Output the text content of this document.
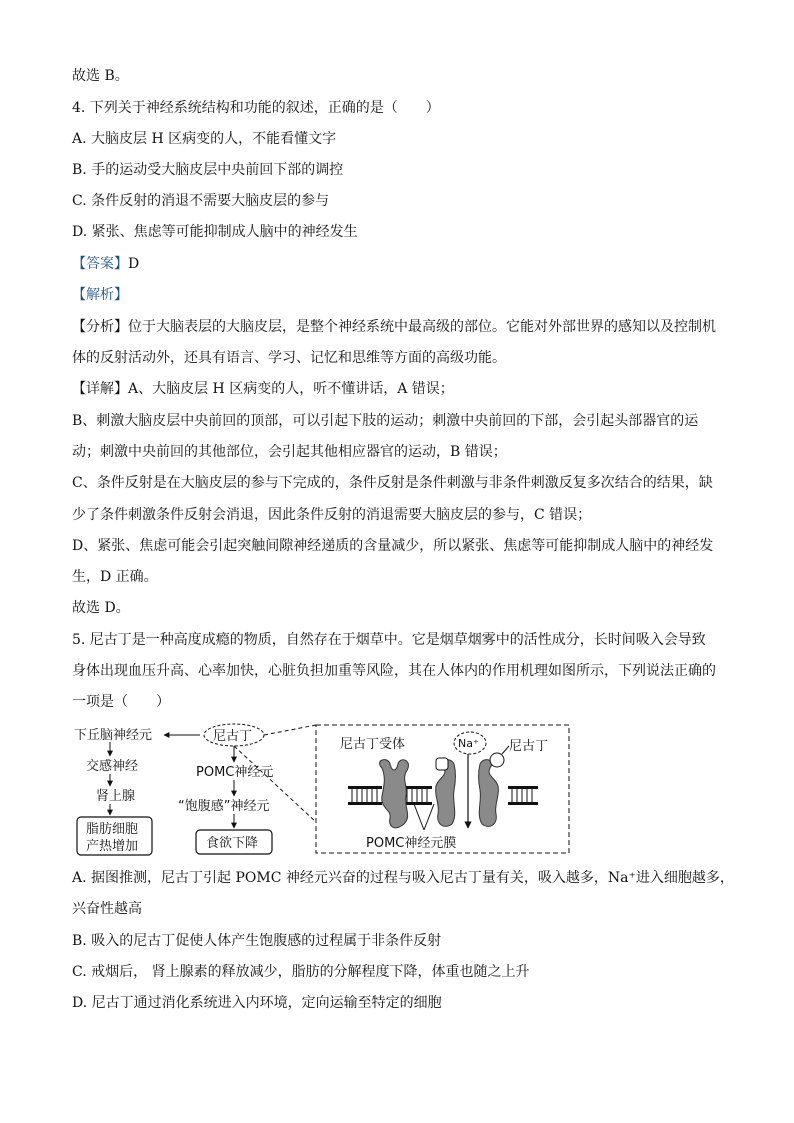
故选 B。
4. 下列关于神经系统结构和功能的叙述，正确的是（　　）
A. 大脑皮层 H 区病变的人，不能看懂文字
B. 手的运动受大脑皮层中央前回下部的调控
C. 条件反射的消退不需要大脑皮层的参与
D. 紧张、焦虑等可能抑制成人脑中的神经发生
【答案】D
【解析】
【分析】位于大脑表层的大脑皮层，是整个神经系统中最高级的部位。它能对外部世界的感知以及控制机
体的反射活动外，还具有语言、学习、记忆和思维等方面的高级功能。
【详解】A、大脑皮层 H 区病变的人，听不懂讲话，A 错误；
B、刺激大脑皮层中央前回的顶部，可以引起下肢的运动；刺激中央前回的下部，会引起头部器官的运
动；刺激中央前回的其他部位，会引起其他相应器官的运动，B 错误；
C、条件反射是在大脑皮层的参与下完成的，条件反射是条件刺激与非条件刺激反复多次结合的结果，缺
少了条件刺激条件反射会消退，因此条件反射的消退需要大脑皮层的参与，C 错误；
D、紧张、焦虑可能会引起突触间隙神经递质的含量减少，所以紧张、焦虑等可能抑制成人脑中的神经发
生，D 正确。
故选 D。
5. 尼古丁是一种高度成瘾的物质，自然存在于烟草中。它是烟草烟雾中的活性成分，长时间吸入会导致
身体出现血压升高、心率加快，心脏负担加重等风险，其在人体内的作用机理如图所示，下列说法正确的
一项是（　　）
下丘脑神经元	尼古丁
交感神经
肾上腺
脂肪细胞
产热增加
POMC神经元
“饱腹感”神经元
食欲下降
尼古丁受体	Na⁺ 尼古丁
POMC神经元膜
A. 据图推测，尼古丁引起 POMC 神经元兴奋的过程与吸入尼古丁量有关，吸入越多，Na⁺进入细胞越多，
兴奋性越高
B. 吸入的尼古丁促使人体产生饱腹感的过程属于非条件反射
C. 戒烟后， 肾上腺素的释放减少，脂肪的分解程度下降，体重也随之上升
D. 尼古丁通过消化系统进入内环境，定向运输至特定的细胞
